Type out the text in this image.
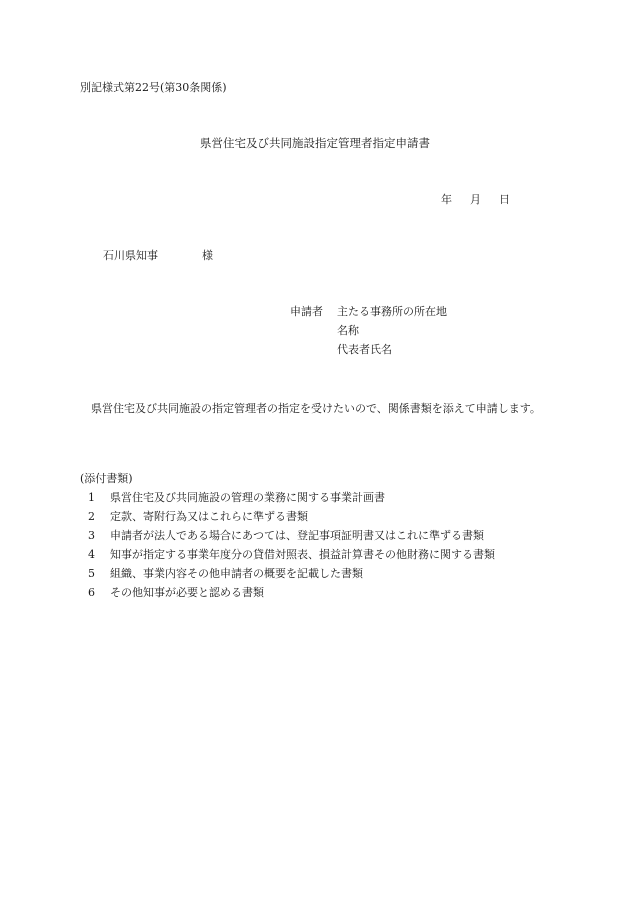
別記様式第22号(第30条関係)
県営住宅及び共同施設指定管理者指定申請書
年 月 日
石川県知事	様
申請者 主たる事務所の所在地
名称
代表者氏名
県営住宅及び共同施設の指定管理者の指定を受けたいので、関係書類を添えて申請します。
(添付書類)
1	県営住宅及び共同施設の管理の業務に関する事業計画書
2	定款、寄附行為又はこれらに準ずる書類
3	申請者が法人である場合にあつては、登記事項証明書又はこれに準ずる書類
4	知事が指定する事業年度分の貸借対照表、損益計算書その他財務に関する書類
5	組織、事業内容その他申請者の概要を記載した書類
6	その他知事が必要と認める書類
